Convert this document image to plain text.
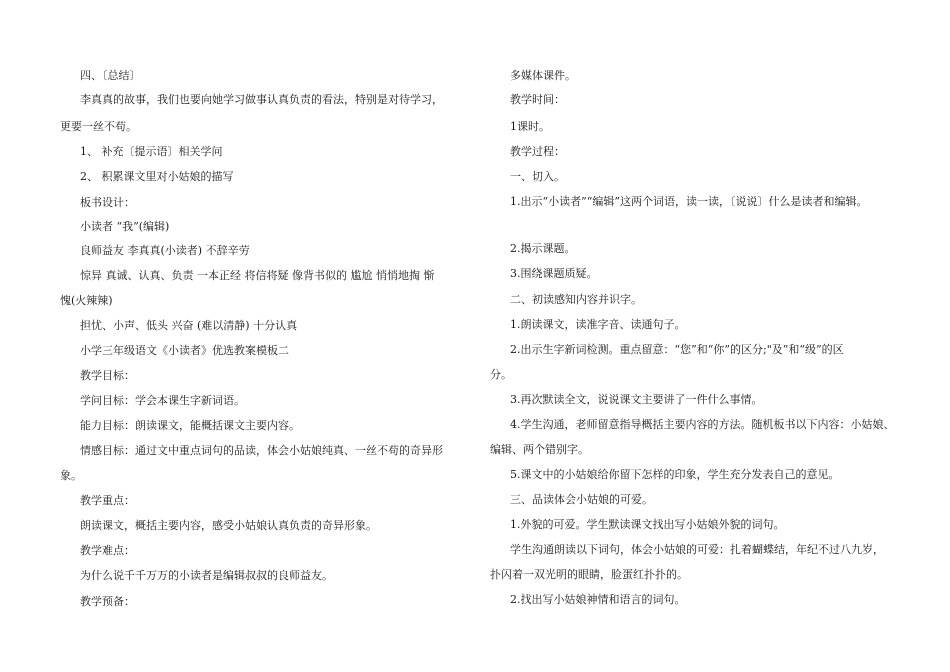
四、〔总结〕
李真真的故事，我们也要向她学习做事认真负责的看法，特别是对待学习，
更要一丝不苟。
1、 补充〔提示语〕相关学问
2、 积累课文里对小姑娘的描写
板书设计：
小读者 “我”(编辑)
良师益友 李真真(小读者) 不辞辛劳
惊异 真诚、认真、负责 一本正经 将信将疑 像背书似的 尴尬 悄悄地掏 惭
愧(火辣辣)
担忧、小声、低头 兴奋 (难以清静) 十分认真
小学三年级语文《小读者》优选教案模板二
教学目标：
学问目标：学会本课生字新词语。
能力目标：朗读课文，能概括课文主要内容。
情感目标：通过文中重点词句的品读，体会小姑娘纯真、一丝不苟的奇异形
象。
教学重点：
朗读课文，概括主要内容，感受小姑娘认真负责的奇异形象。
教学难点：
为什么说千千万万的小读者是编辑叔叔的良师益友。
教学预备：
多媒体课件。
教学时间：
1课时。
教学过程：
一、切入。
1.出示“小读者”“编辑”这两个词语，读一读，〔说说〕什么是读者和编辑。
2.揭示课题。
3.围绕课题质疑。
二、初读感知内容并识字。
1.朗读课文，读准字音、读通句子。
2.出示生字新词检测。重点留意：“您”和“你”的区分;"及”和“级”的区
分。
3.再次默读全文，说说课文主要讲了一件什么事情。
4.学生沟通，老师留意指导概括主要内容的方法。随机板书以下内容：小姑娘、
编辑、两个错别字。
5.课文中的小姑娘给你留下怎样的印象，学生充分发表自己的意见。
三、品读体会小姑娘的可爱。
1.外貌的可爱。学生默读课文找出写小姑娘外貌的词句。
学生沟通朗读以下词句，体会小姑娘的可爱：扎着蝴蝶结，年纪不过八九岁，
扑闪着一双光明的眼睛，脸蛋红扑扑的。
2.找出写小姑娘神情和语言的词句。
